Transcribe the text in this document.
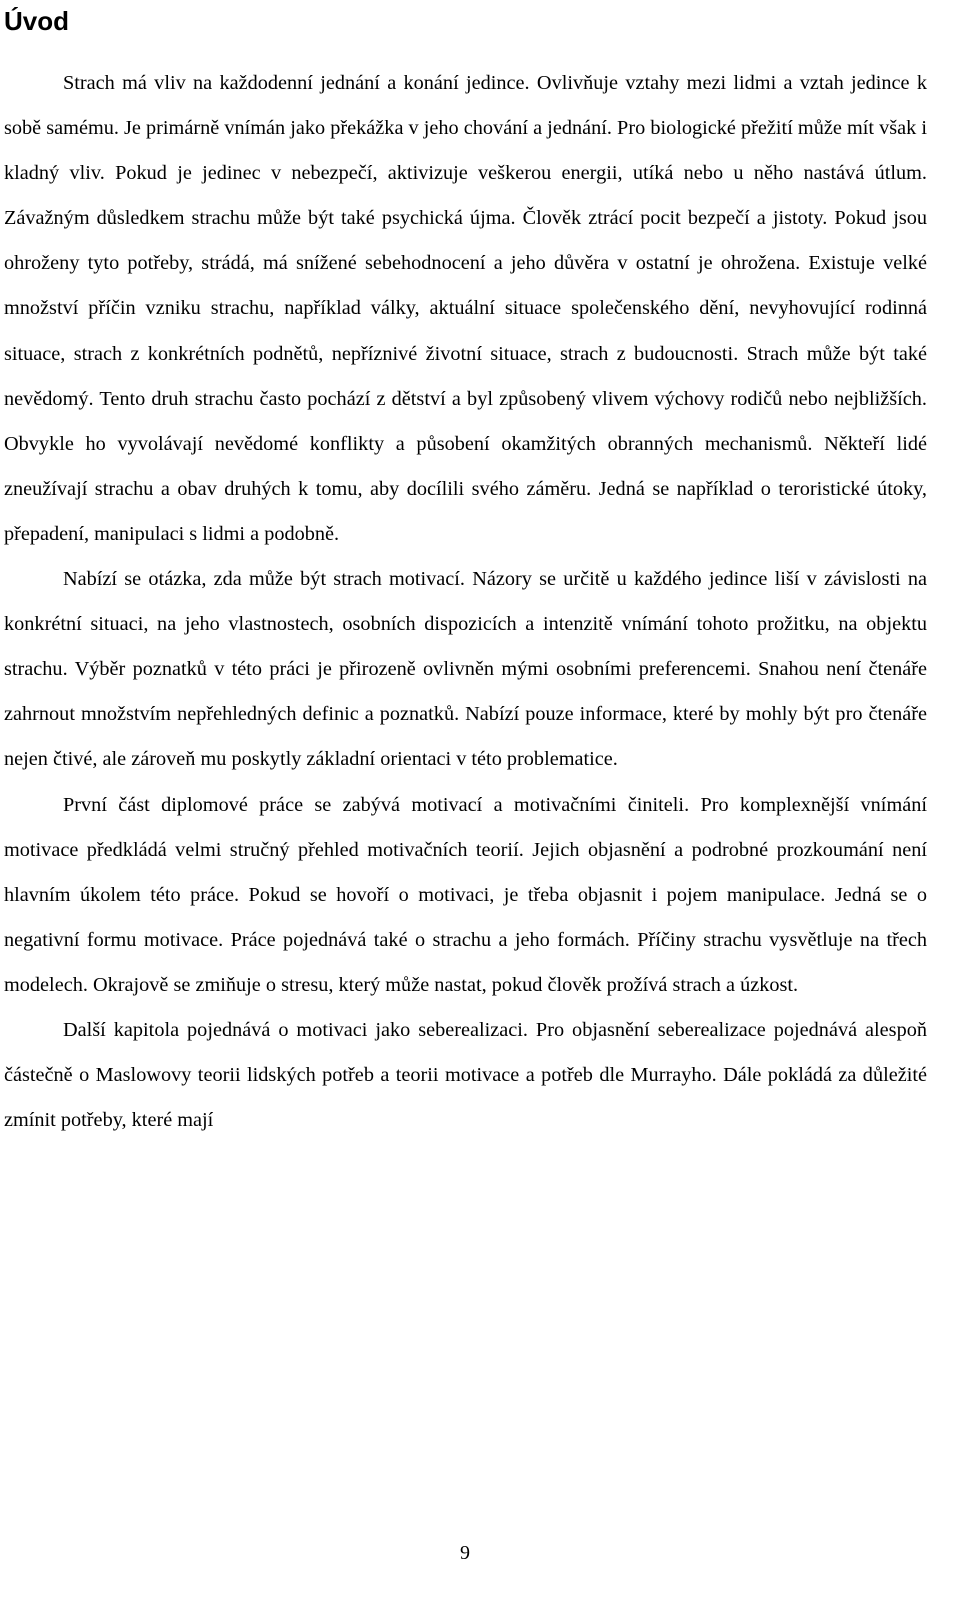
Úvod

Strach má vliv na každodenní jednání a konání jedince. Ovlivňuje vztahy mezi lidmi a vztah jedince k sobě samému. Je primárně vnímán jako překážka v jeho chování a jednání. Pro biologické přežití může mít však i kladný vliv. Pokud je jedinec v nebezpečí, aktivizuje veškerou energii, utíká nebo u něho nastává útlum. Závažným důsledkem strachu může být také psychická újma. Člověk ztrácí pocit bezpečí a jistoty. Pokud jsou ohroženy tyto potřeby, strádá, má snížené sebehodnocení a jeho důvěra v ostatní je ohrožena. Existuje velké množství příčin vzniku strachu, například války, aktuální situace společenského dění, nevyhovující rodinná situace, strach z konkrétních podnětů, nepříznivé životní situace, strach z budoucnosti. Strach může být také nevědomý. Tento druh strachu často pochází z dětství a byl způsobený vlivem výchovy rodičů nebo nejbližších. Obvykle ho vyvolávají nevědomé konflikty a působení okamžitých obranných mechanismů. Někteří lidé zneužívají strachu a obav druhých k tomu, aby docílili svého záměru. Jedná se například o teroristické útoky, přepadení, manipulaci s lidmi a podobně.

Nabízí se otázka, zda může být strach motivací. Názory se určitě u každého jedince liší v závislosti na konkrétní situaci, na jeho vlastnostech, osobních dispozicích a intenzitě vnímání tohoto prožitku, na objektu strachu. Výběr poznatků v této práci je přirozeně ovlivněn mými osobními preferencemi. Snahou není čtenáře zahrnout množstvím nepřehledných definic a poznatků. Nabízí pouze informace, které by mohly být pro čtenáře nejen čtivé, ale zároveň mu poskytly základní orientaci v této problematice.

První část diplomové práce se zabývá motivací a motivačními činiteli. Pro komplexnější vnímání motivace předkládá velmi stručný přehled motivačních teorií. Jejich objasnění a podrobné prozkoumání není hlavním úkolem této práce. Pokud se hovoří o motivaci, je třeba objasnit i pojem manipulace. Jedná se o negativní formu motivace. Práce pojednává také o strachu a jeho formách. Příčiny strachu vysvětluje na třech modelech. Okrajově se zmiňuje o stresu, který může nastat, pokud člověk prožívá strach a úzkost.

Další kapitola pojednává o motivaci jako seberealizaci. Pro objasnění seberealizace pojednává alespoň částečně o Maslowovy teorii lidských potřeb a teorii motivace a potřeb dle Murrayho. Dále pokládá za důležité zmínit potřeby, které mají

9
